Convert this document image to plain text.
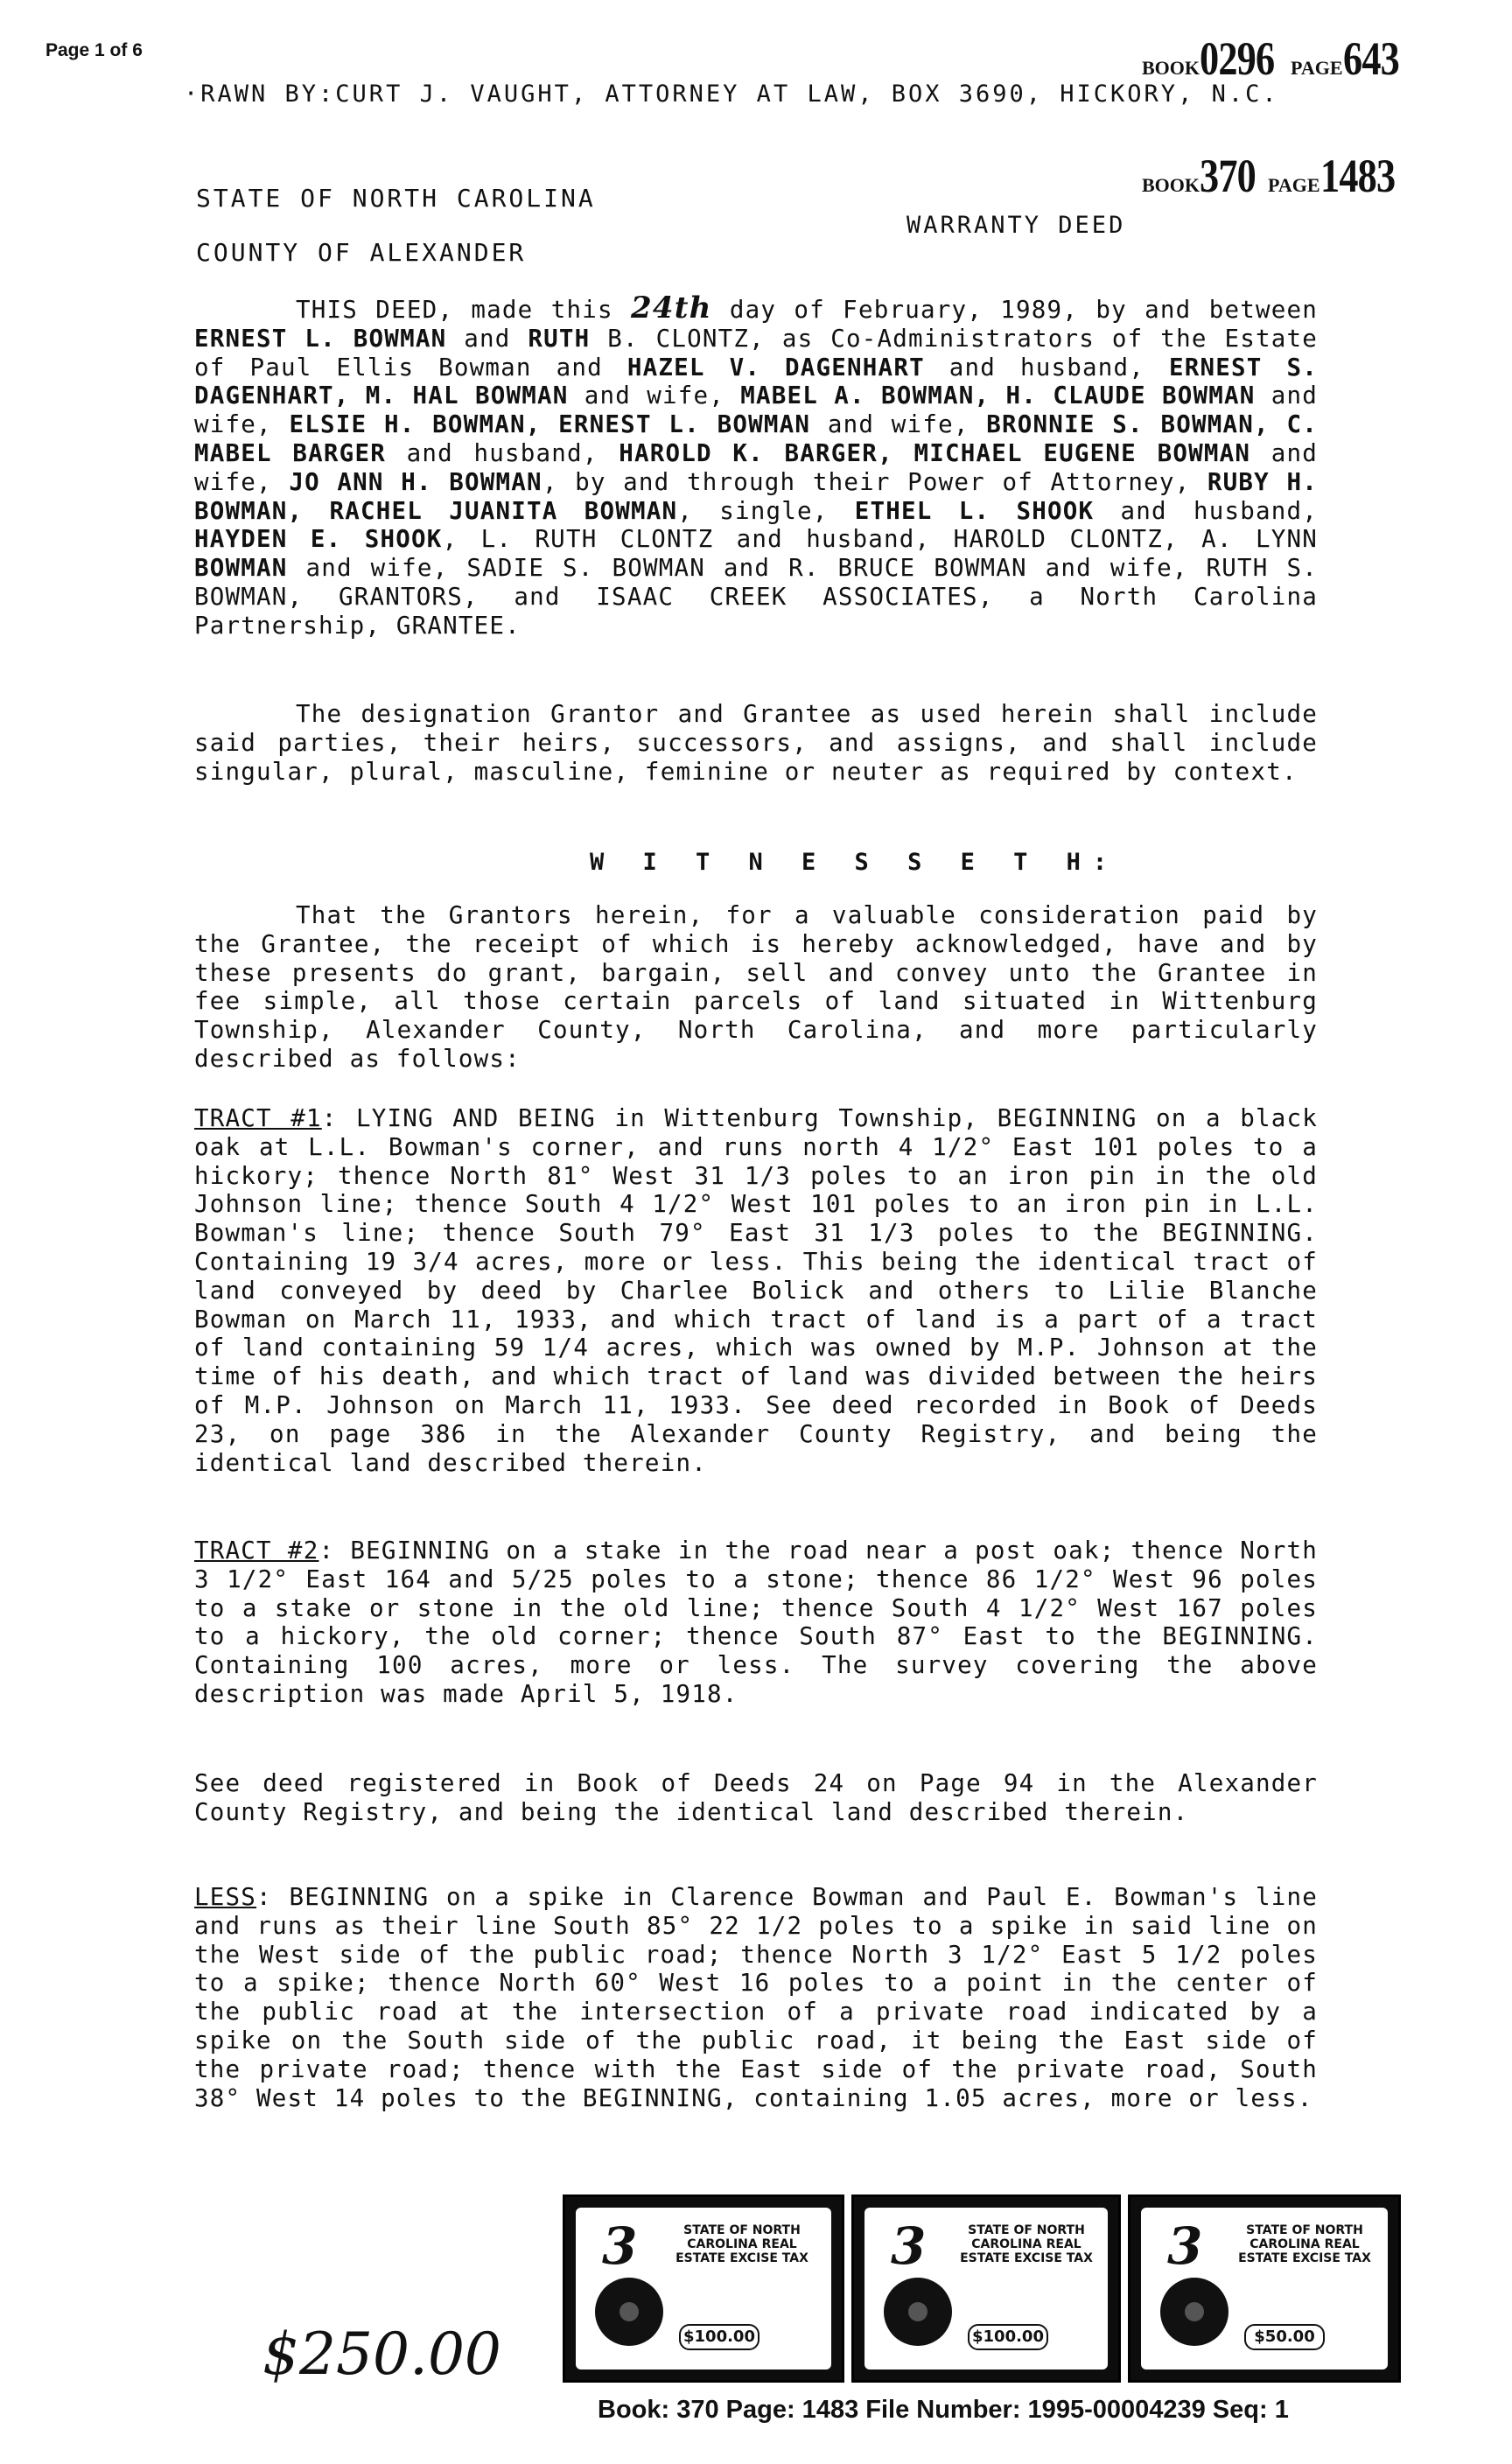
Page 1 of 6
·RAWN BY:CURT J. VAUGHT, ATTORNEY AT LAW, BOX 3690, HICKORY, N.C.
BOOK0296 PAGE643
BOOK370 PAGE1483
STATE OF NORTH CAROLINA
WARRANTY DEED
COUNTY OF ALEXANDER
THIS DEED, made this 24th day of February, 1989, by and between ERNEST L. BOWMAN and RUTH B. CLONTZ, as Co-Administrators of the Estate of Paul Ellis Bowman and HAZEL V. DAGENHART and husband, ERNEST S. DAGENHART, M. HAL BOWMAN and wife, MABEL A. BOWMAN, H. CLAUDE BOWMAN and wife, ELSIE H. BOWMAN, ERNEST L. BOWMAN and wife, BRONNIE S. BOWMAN, C. MABEL BARGER and husband, HAROLD K. BARGER, MICHAEL EUGENE BOWMAN and wife, JO ANN H. BOWMAN, by and through their Power of Attorney, RUBY H. BOWMAN, RACHEL JUANITA BOWMAN, single, ETHEL L. SHOOK and husband, HAYDEN E. SHOOK, L. RUTH CLONTZ and husband, HAROLD CLONTZ, A. LYNN BOWMAN and wife, SADIE S. BOWMAN and R. BRUCE BOWMAN and wife, RUTH S. BOWMAN, GRANTORS, and ISAAC CREEK ASSOCIATES, a North Carolina Partnership, GRANTEE.
The designation Grantor and Grantee as used herein shall include said parties, their heirs, successors, and assigns, and shall include singular, plural, masculine, feminine or neuter as required by context.
W I T N E S S E T H:
That the Grantors herein, for a valuable consideration paid by the Grantee, the receipt of which is hereby acknowledged, have and by these presents do grant, bargain, sell and convey unto the Grantee in fee simple, all those certain parcels of land situated in Wittenburg Township, Alexander County, North Carolina, and more particularly described as follows:
TRACT #1: LYING AND BEING in Wittenburg Township, BEGINNING on a black oak at L.L. Bowman's corner, and runs north 4 1/2° East 101 poles to a hickory; thence North 81° West 31 1/3 poles to an iron pin in the old Johnson line; thence South 4 1/2° West 101 poles to an iron pin in L.L. Bowman's line; thence South 79° East 31 1/3 poles to the BEGINNING. Containing 19 3/4 acres, more or less. This being the identical tract of land conveyed by deed by Charlee Bolick and others to Lilie Blanche Bowman on March 11, 1933, and which tract of land is a part of a tract of land containing 59 1/4 acres, which was owned by M.P. Johnson at the time of his death, and which tract of land was divided between the heirs of M.P. Johnson on March 11, 1933. See deed recorded in Book of Deeds 23, on page 386 in the Alexander County Registry, and being the identical land described therein.
TRACT #2: BEGINNING on a stake in the road near a post oak; thence North 3 1/2° East 164 and 5/25 poles to a stone; thence 86 1/2° West 96 poles to a stake or stone in the old line; thence South 4 1/2° West 167 poles to a hickory, the old corner; thence South 87° East to the BEGINNING. Containing 100 acres, more or less. The survey covering the above description was made April 5, 1918.
See deed registered in Book of Deeds 24 on Page 94 in the Alexander County Registry, and being the identical land described therein.
LESS: BEGINNING on a spike in Clarence Bowman and Paul E. Bowman's line and runs as their line South 85° 22 1/2 poles to a spike in said line on the West side of the public road; thence North 3 1/2° East 5 1/2 poles to a spike; thence North 60° West 16 poles to a point in the center of the public road at the intersection of a private road indicated by a spike on the South side of the public road, it being the East side of the private road; thence with the East side of the private road, South 38° West 14 poles to the BEGINNING, containing 1.05 acres, more or less.
3	STATE OF NORTH CAROLINA REAL ESTATE EXCISE TAX
$100.00
3	STATE OF NORTH CAROLINA REAL ESTATE EXCISE TAX
$100.00
3	STATE OF NORTH CAROLINA REAL ESTATE EXCISE TAX
$50.00
$250.00
Book: 370 Page: 1483 File Number: 1995-00004239 Seq: 1
